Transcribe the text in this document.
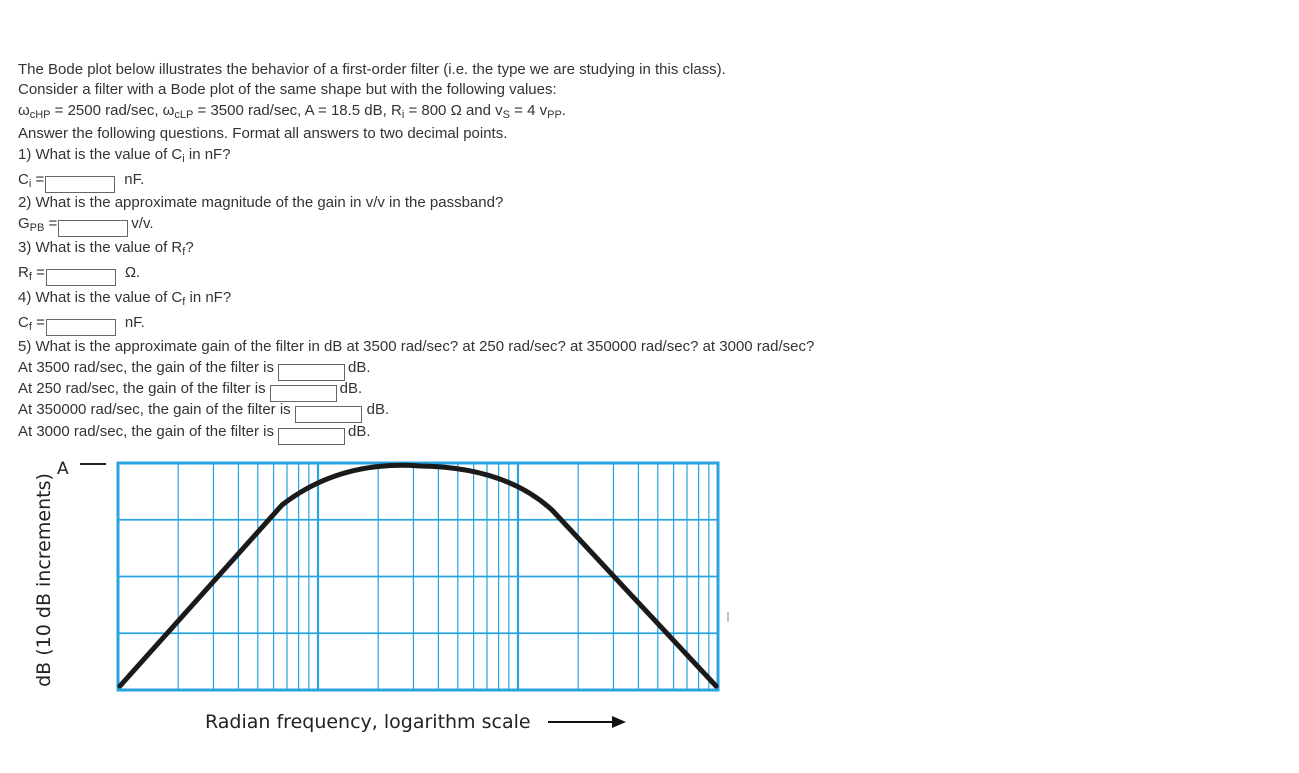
The Bode plot below illustrates the behavior of a first-order filter (i.e. the type we are studying in this class).
Consider a filter with a Bode plot of the same shape but with the following values:
$\omega_{cHP} = 2500$ rad/sec, $\omega_{cLP} = 3500$ rad/sec, A = 18.5 dB, $R_i = 800$ Ω and $v_S = 4$ $v_{PP}$.
Answer the following questions. Format all answers to two decimal points.
1) What is the value of $C_i$ in nF?
$C_i$ =	nF.
2) What is the approximate magnitude of the gain in v/v in the passband?
$G_{PB}$ =	v/v.
3) What is the value of $R_f$?
$R_f$ =	Ω.
4) What is the value of $C_f$ in nF?
$C_f$ =	nF.
5) What is the approximate gain of the filter in dB at 3500 rad/sec? at 250 rad/sec? at 350000 rad/sec? at 3000 rad/sec?
At 3500 rad/sec, the gain of the filter is	dB.
At 250 rad/sec, the gain of the filter is	dB.
At 350000 rad/sec, the gain of the filter is	dB.
At 3000 rad/sec, the gain of the filter is	dB.
A
dB (10 dB increments)
Radian frequency, logarithm scale
